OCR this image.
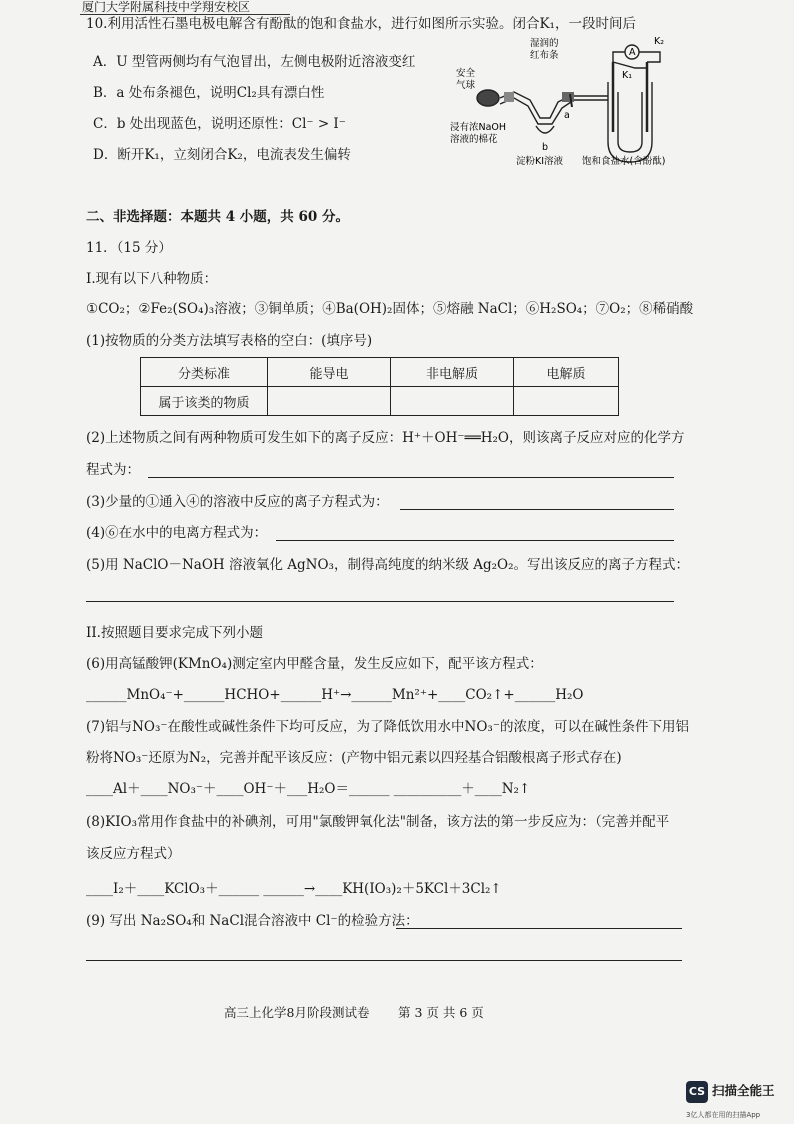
厦门大学附属科技中学翔安校区
10.利用活性石墨电极电解含有酚酞的饱和食盐水，进行如图所示实验。闭合K₁，一段时间后
A．U 型管两侧均有气泡冒出，左侧电极附近溶液变红
B．a 处布条褪色，说明Cl₂具有漂白性
C．b 处出现蓝色，说明还原性：Cl⁻ > I⁻
D．断开K₁，立刻闭合K₂，电流表发生偏转
安全
气球
浸有浓NaOH
溶液的棉花
湿润的
红布条
a
b
淀粉KI溶液 饱和食盐水(含酚酞)
A
K₂
K₁
二、非选择题：本题共 4 小题，共 60 分。
11．（15 分）
I.现有以下八种物质：
①CO₂；②Fe₂(SO₄)₃溶液；③铜单质；④Ba(OH)₂固体；⑤熔融 NaCl；⑥H₂SO₄；⑦O₂；⑧稀硝酸
(1)按物质的分类方法填写表格的空白：(填序号)
分类标准	能导电	非电解质	电解质
属于该类的物质			
(2)上述物质之间有两种物质可发生如下的离子反应：H⁺＋OH⁻══H₂O，则该离子反应对应的化学方
程式为：
(3)少量的①通入④的溶液中反应的离子方程式为：
(4)⑥在水中的电离方程式为：
(5)用 NaClO－NaOH 溶液氧化 AgNO₃，制得高纯度的纳米级 Ag₂O₂。写出该反应的离子方程式：
II.按照题目要求完成下列小题
(6)用高锰酸钾(KMnO₄)测定室内甲醛含量，发生反应如下，配平该方程式：
______MnO₄⁻+______HCHO+______H⁺→______Mn²⁺+____CO₂↑+______H₂O
(7)铝与NO₃⁻在酸性或碱性条件下均可反应，为了降低饮用水中NO₃⁻的浓度，可以在碱性条件下用铝
粉将NO₃⁻还原为N₂，完善并配平该反应：(产物中铝元素以四羟基合铝酸根离子形式存在)
____Al＋____NO₃⁻＋____OH⁻＋___H₂O＝______ __________＋____N₂↑
(8)KIO₃常用作食盐中的补碘剂，可用"氯酸钾氧化法"制备，该方法的第一步反应为：（完善并配平
该反应方程式）
____I₂＋____KClO₃＋______ ______→____KH(IO₃)₂＋5KCl＋3Cl₂↑
(9) 写出 Na₂SO₄和 NaCl混合溶液中 Cl⁻的检验方法：
高三上化学8月阶段测试卷 第 3 页 共 6 页
CS 扫描全能王
3亿人都在用的扫描App
